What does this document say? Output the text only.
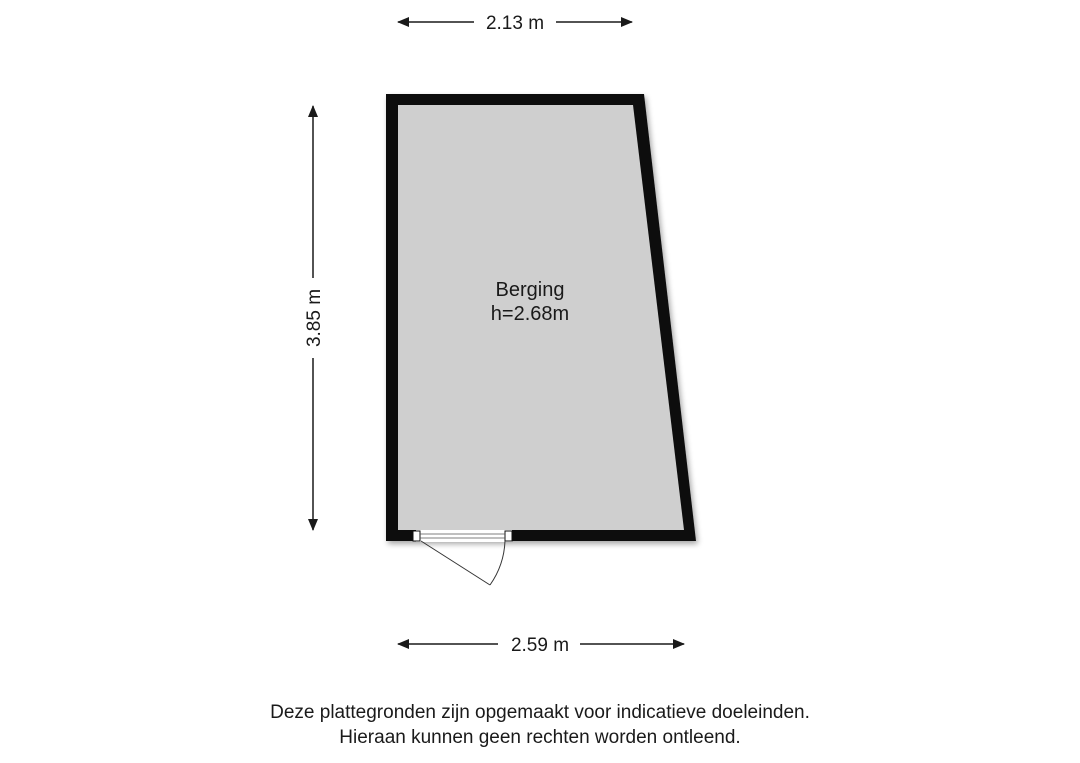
2.13 m
3.85 m	Berging
h=2.68m
2.59 m
Deze plattegronden zijn opgemaakt voor indicatieve doeleinden.
Hieraan kunnen geen rechten worden ontleend.
